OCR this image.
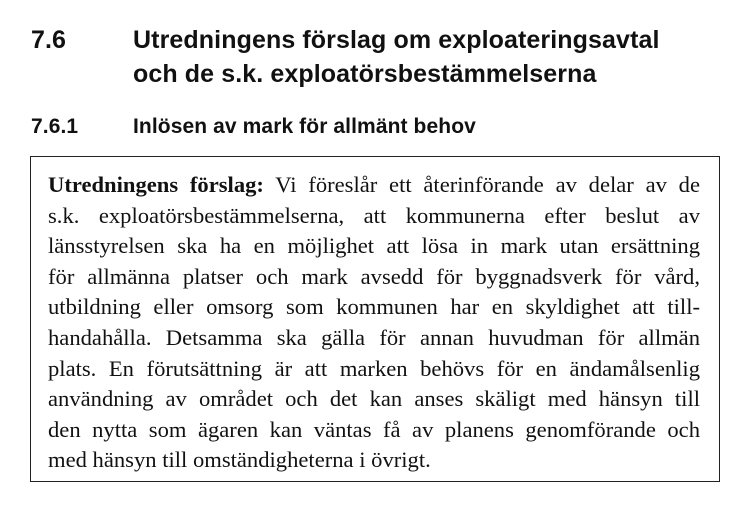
7.6	Utredningens förslag om exploateringsavtal
och de s.k. exploatörsbestämmelserna
7.6.1	Inlösen av mark för allmänt behov
Utredningens förslag: Vi föreslår ett återinförande av delar av de
s.k. exploatörsbestämmelserna, att kommunerna efter beslut av
länsstyrelsen ska ha en möjlighet att lösa in mark utan ersättning
för allmänna platser och mark avsedd för byggnadsverk för vård,
utbildning eller omsorg som kommunen har en skyldighet att till-
handahålla. Detsamma ska gälla för annan huvudman för allmän
plats. En förutsättning är att marken behövs för en ändamålsenlig
användning av området och det kan anses skäligt med hänsyn till
den nytta som ägaren kan väntas få av planens genomförande och
med hänsyn till omständigheterna i övrigt.
